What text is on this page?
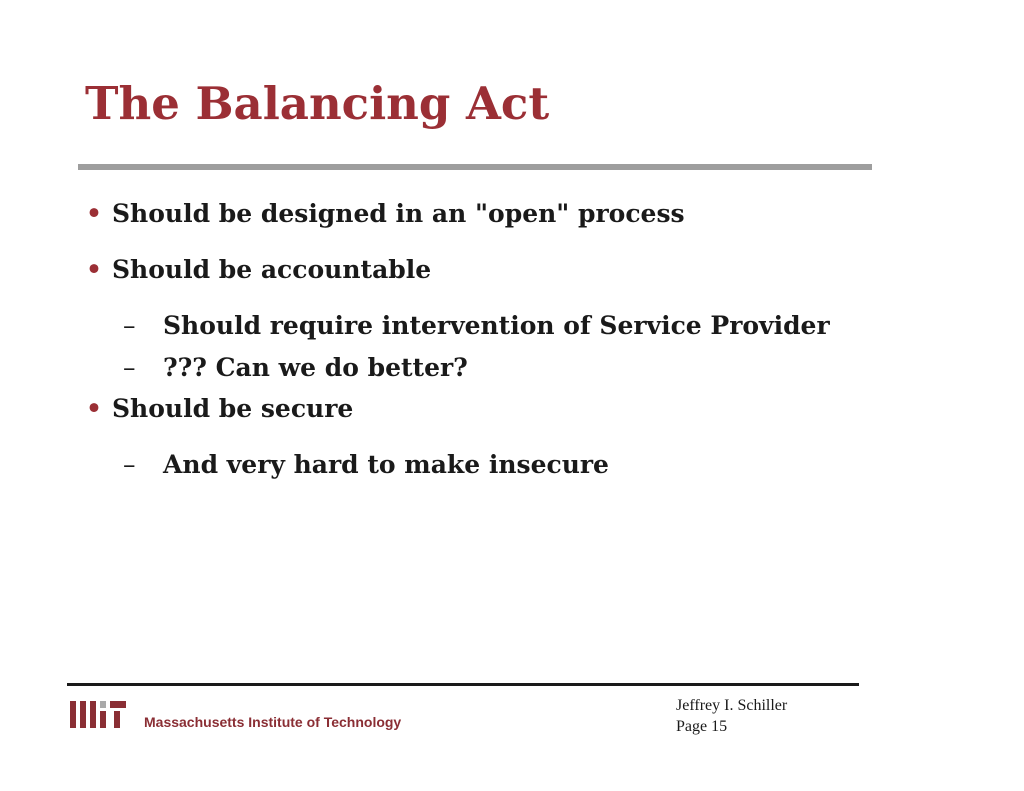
The Balancing Act
• Should be designed in an "open" process
• Should be accountable
– Should require intervention of Service Provider
– ??? Can we do better?
• Should be secure
– And very hard to make insecure
Massachusetts Institute of Technology
Jeffrey I. Schiller
Page 15
